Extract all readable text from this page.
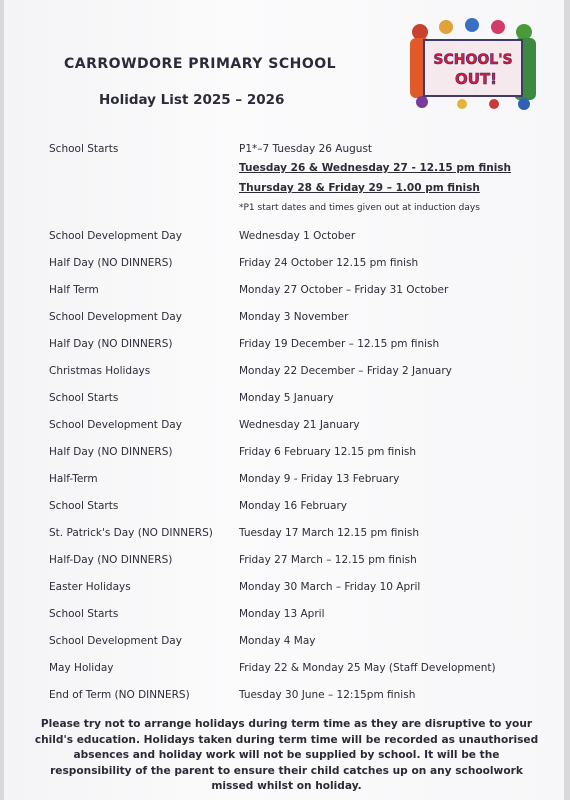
CARROWDORE PRIMARY SCHOOL
Holiday List 2025 – 2026
SCHOOL'S
OUT!
School Starts	P1*–7 Tuesday 26 August
Tuesday 26 & Wednesday 27 - 12.15 pm finish
Thursday 28 & Friday 29 – 1.00 pm finish
*P1 start dates and times given out at induction days
School Development Day	Wednesday 1 October
Half Day (NO DINNERS)	Friday 24 October 12.15 pm finish
Half Term	Monday 27 October – Friday 31 October
School Development Day	Monday 3 November
Half Day (NO DINNERS)	Friday 19 December – 12.15 pm finish
Christmas Holidays	Monday 22 December – Friday 2 January
School Starts	Monday 5 January
School Development Day	Wednesday 21 January
Half Day (NO DINNERS)	Friday 6 February 12.15 pm finish
Half-Term	Monday 9 - Friday 13 February
School Starts	Monday 16 February
St. Patrick's Day (NO DINNERS) Tuesday 17 March 12.15 pm finish
Half-Day (NO DINNERS)	Friday 27 March – 12.15 pm finish
Easter Holidays	Monday 30 March – Friday 10 April
School Starts	Monday 13 April
School Development Day	Monday 4 May
May Holiday	Friday 22 & Monday 25 May (Staff Development)
End of Term (NO DINNERS)	Tuesday 30 June – 12:15pm finish
Please try not to arrange holidays during term time as they are disruptive to your child's education. Holidays taken during term time will be recorded as unauthorised absences and holiday work will not be supplied by school. It will be the responsibility of the parent to ensure their child catches up on any schoolwork missed whilst on holiday.
